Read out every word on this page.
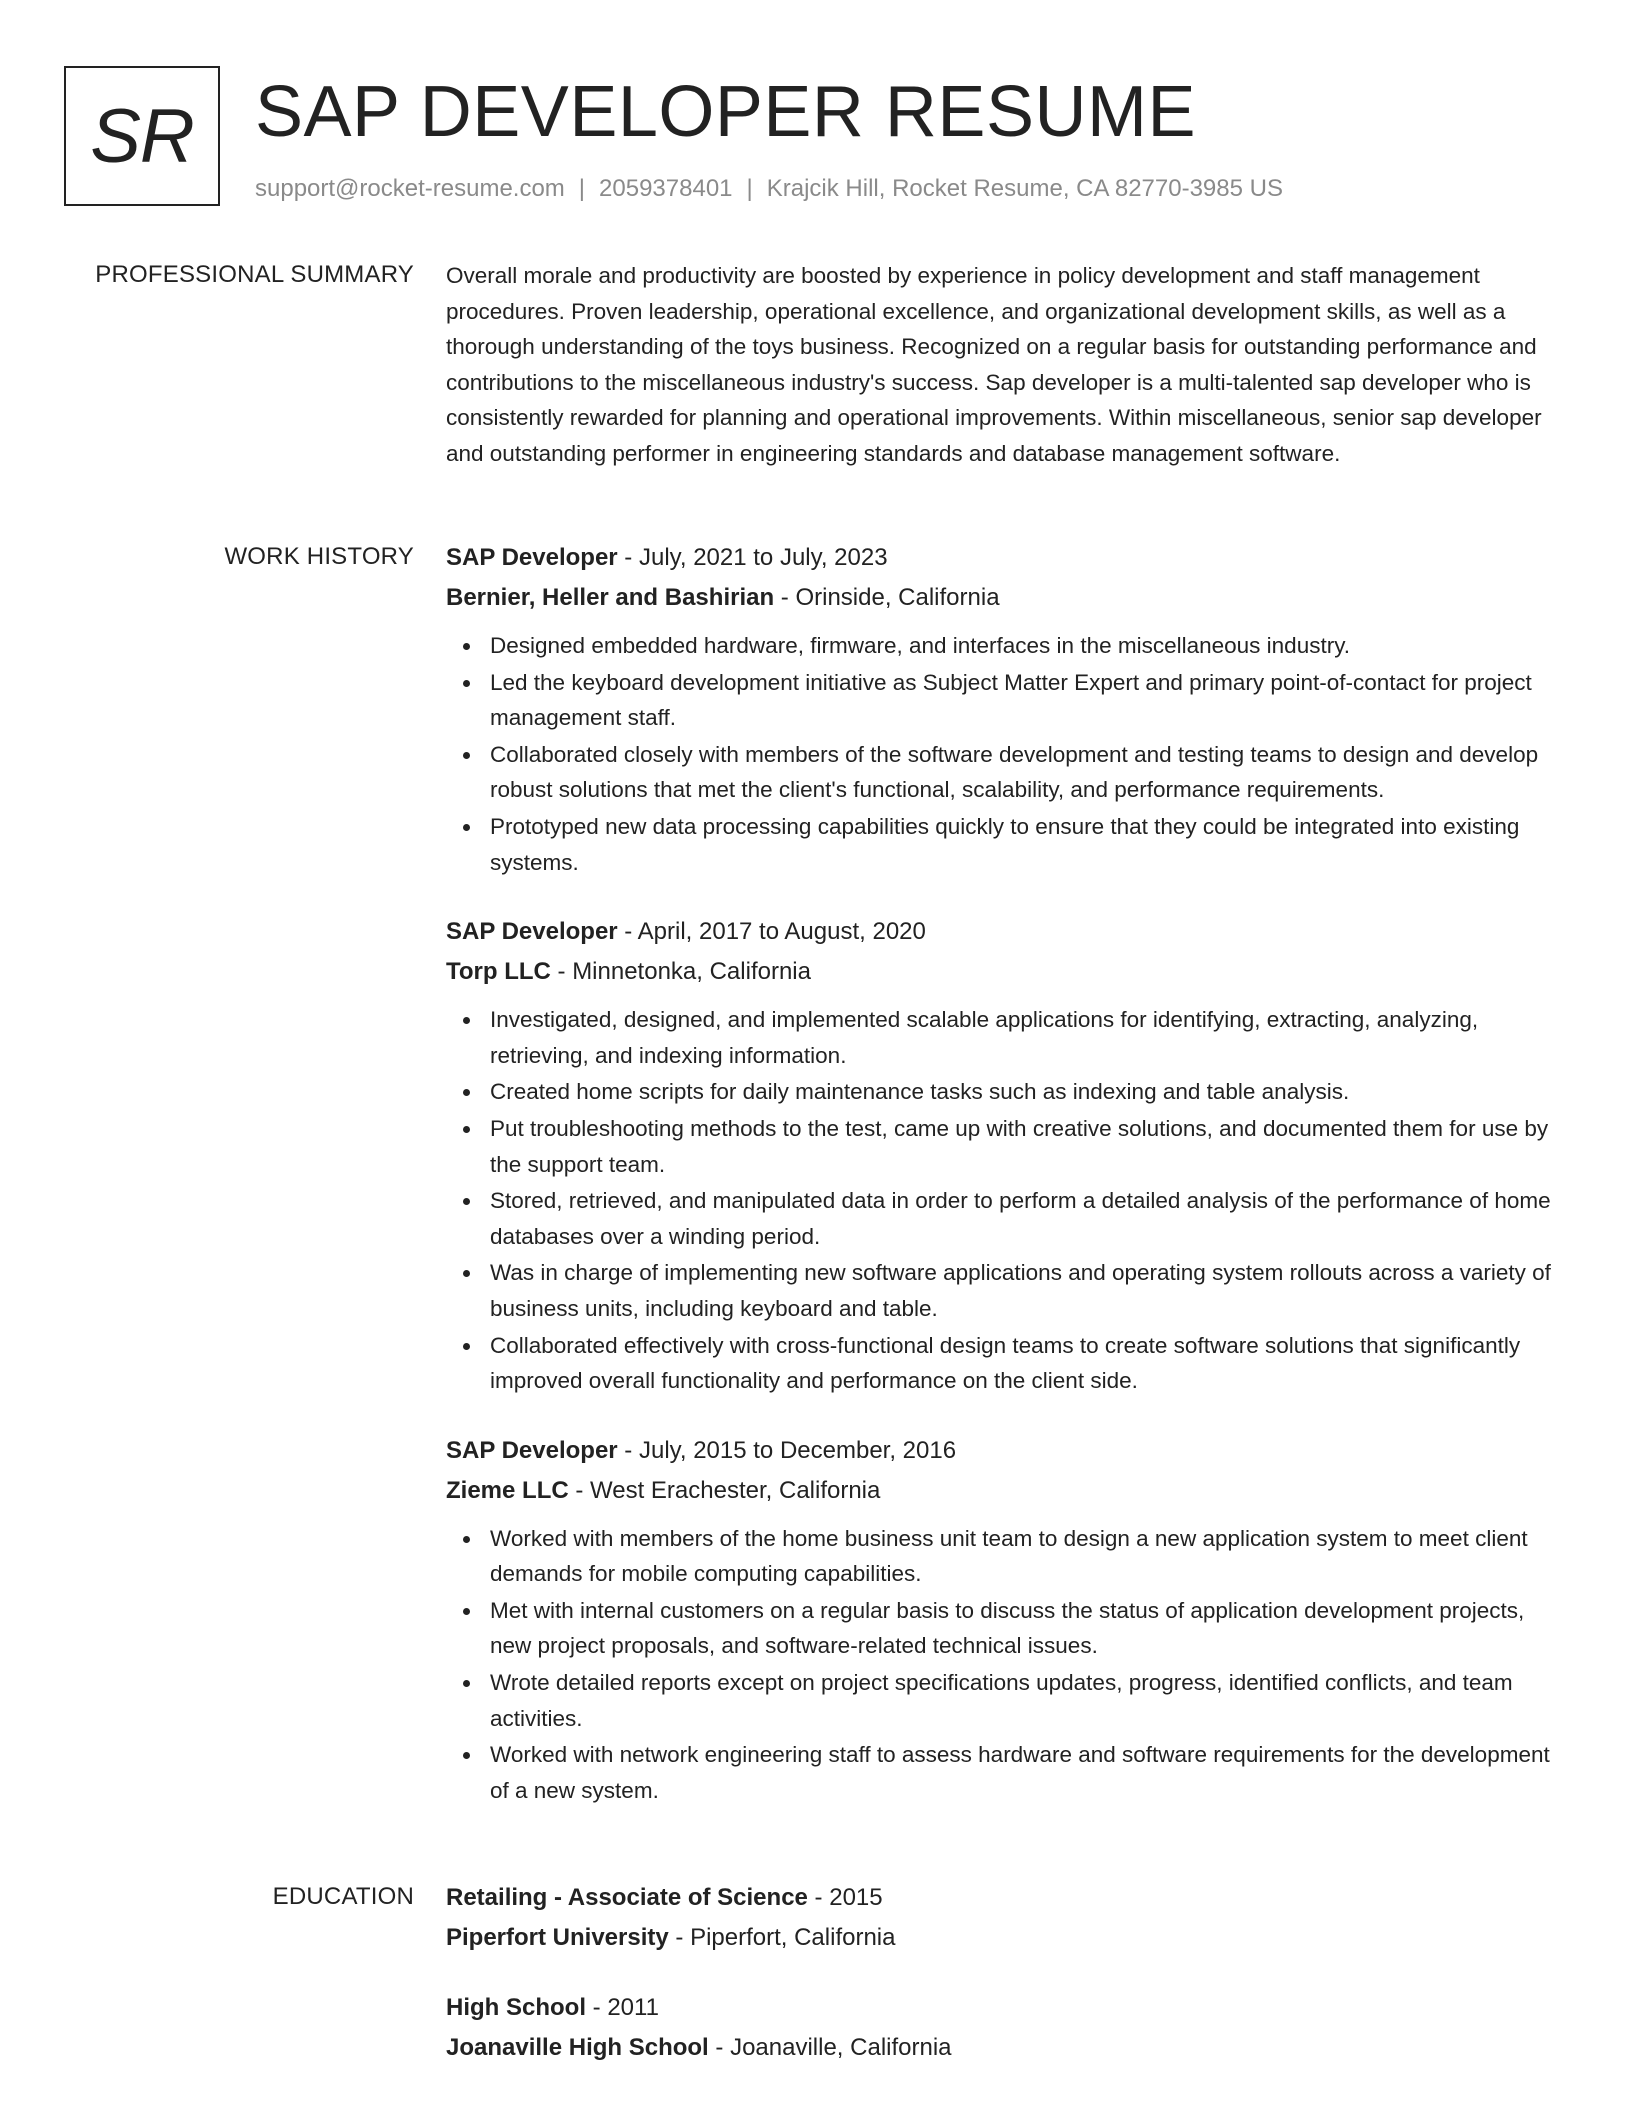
SR SAP DEVELOPER RESUME
support@rocket-resume.com | 2059378401 | Krajcik Hill, Rocket Resume, CA 82770-3985 US
PROFESSIONAL SUMMARY Overall morale and productivity are boosted by experience in policy development and staff management procedures. Proven leadership, operational excellence, and organizational development skills, as well as a thorough understanding of the toys business. Recognized on a regular basis for outstanding performance and contributions to the miscellaneous industry's success. Sap developer is a multi-talented sap developer who is consistently rewarded for planning and operational improvements. Within miscellaneous, senior sap developer and outstanding performer in engineering standards and database management software.

WORK HISTORY SAP Developer - July, 2021 to July, 2023
Bernier, Heller and Bashirian - Orinside, California
Designed embedded hardware, firmware, and interfaces in the miscellaneous industry.
Led the keyboard development initiative as Subject Matter Expert and primary point-of-contact for project management staff.
Collaborated closely with members of the software development and testing teams to design and develop robust solutions that met the client's functional, scalability, and performance requirements.
Prototyped new data processing capabilities quickly to ensure that they could be integrated into existing systems.
SAP Developer - April, 2017 to August, 2020
Torp LLC - Minnetonka, California
Investigated, designed, and implemented scalable applications for identifying, extracting, analyzing, retrieving, and indexing information.
Created home scripts for daily maintenance tasks such as indexing and table analysis.
Put troubleshooting methods to the test, came up with creative solutions, and documented them for use by the support team.
Stored, retrieved, and manipulated data in order to perform a detailed analysis of the performance of home databases over a winding period.
Was in charge of implementing new software applications and operating system rollouts across a variety of business units, including keyboard and table.
Collaborated effectively with cross-functional design teams to create software solutions that significantly improved overall functionality and performance on the client side.
SAP Developer - July, 2015 to December, 2016
Zieme LLC - West Erachester, California
Worked with members of the home business unit team to design a new application system to meet client demands for mobile computing capabilities.
Met with internal customers on a regular basis to discuss the status of application development projects, new project proposals, and software-related technical issues.
Wrote detailed reports except on project specifications updates, progress, identified conflicts, and team activities.
Worked with network engineering staff to assess hardware and software requirements for the development of a new system.
EDUCATION Retailing - Associate of Science - 2015
Piperfort University - Piperfort, California
High School - 2011
Joanaville High School - Joanaville, California
